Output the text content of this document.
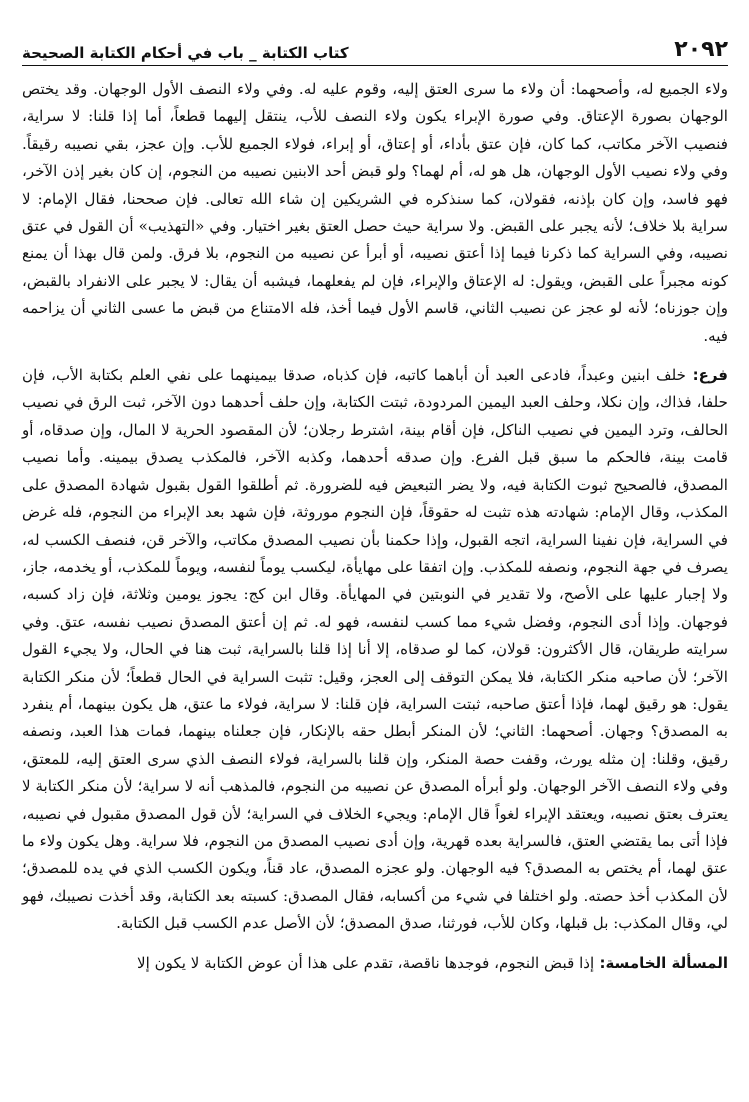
٢٠٩٢
كتاب الكتابة _ باب في أحكام الكتابة الصحيحة

ولاء الجميع له، وأصحهما: أن ولاء ما سرى العتق إليه، وقوم عليه له. وفي ولاء النصف الأول الوجهان. وقد يختص الوجهان بصورة الإعتاق. وفي صورة الإبراء يكون ولاء النصف للأب، ينتقل إليهما قطعاً، أما إذا قلنا: لا سراية، فنصيب الآخر مكاتب، كما كان، فإن عتق بأداء، أو إعتاق، أو إبراء، فولاء الجميع للأب. وإن عجز، بقي نصيبه رقيقاً. وفي ولاء نصيب الأول الوجهان، هل هو له، أم لهما؟ ولو قبض أحد الابنين نصيبه من النجوم، إن كان بغير إذن الآخر، فهو فاسد، وإن كان بإذنه، فقولان، كما سنذكره في الشريكين إن شاء الله تعالى. فإن صححنا، فقال الإمام: لا سراية بلا خلاف؛ لأنه يجبر على القبض. ولا سراية حيث حصل العتق بغير اختيار. وفي «التهذيب» أن القول في عتق نصيبه، وفي السراية كما ذكرنا فيما إذا أعتق نصيبه، أو أبرأ عن نصيبه من النجوم، بلا فرق. ولمن قال بهذا أن يمنع كونه مجبراً على القبض، ويقول: له الإعتاق والإبراء، فإن لم يفعلهما، فيشبه أن يقال: لا يجبر على الانفراد بالقبض، وإن جوزناه؛ لأنه لو عجز عن نصيب الثاني، قاسم الأول فيما أخذ، فله الامتناع من قبض ما عسى الثاني أن يزاحمه فيه.

فرع: خلف ابنين وعبداً، فادعى العبد أن أباهما كاتبه، فإن كذباه، صدقا بيمينهما على نفي العلم بكتابة الأب، فإن حلفا، فذاك، وإن نكلا، وحلف العبد اليمين المردودة، ثبتت الكتابة، وإن حلف أحدهما دون الآخر، ثبت الرق في نصيب الحالف، وترد اليمين في نصيب الناكل، فإن أقام بينة، اشترط رجلان؛ لأن المقصود الحرية لا المال، وإن صدقاه، أو قامت بينة، فالحكم ما سبق قبل الفرع. وإن صدقه أحدهما، وكذبه الآخر، فالمكذب يصدق بيمينه. وأما نصيب المصدق، فالصحيح ثبوت الكتابة فيه، ولا يضر التبعيض فيه للضرورة. ثم أطلقوا القول بقبول شهادة المصدق على المكذب، وقال الإمام: شهادته هذه تثبت له حقوقاً، فإن النجوم موروثة، فإن شهد بعد الإبراء من النجوم، فله غرض في السراية، فإن نفينا السراية، اتجه القبول، وإذا حكمنا بأن نصيب المصدق مكاتب، والآخر قن، فنصف الكسب له، يصرف في جهة النجوم، ونصفه للمكذب. وإن اتفقا على مهايأة، ليكسب يوماً لنفسه، ويوماً للمكذب، أو يخدمه، جاز، ولا إجبار عليها على الأصح، ولا تقدير في النوبتين في المهايأة. وقال ابن كج: يجوز يومين وثلاثة، فإن زاد كسبه، فوجهان. وإذا أدى النجوم، وفضل شيء مما كسب لنفسه، فهو له. ثم إن أعتق المصدق نصيب نفسه، عتق. وفي سرايته طريقان، قال الأكثرون: قولان، كما لو صدقاه، إلا أنا إذا قلنا بالسراية، ثبت هنا في الحال، ولا يجيء القول الآخر؛ لأن صاحبه منكر الكتابة، فلا يمكن التوقف إلى العجز، وقيل: تثبت السراية في الحال قطعاً؛ لأن منكر الكتابة يقول: هو رقيق لهما، فإذا أعتق صاحبه، ثبتت السراية، فإن قلنا: لا سراية، فولاء ما عتق، هل يكون بينهما، أم ينفرد به المصدق؟ وجهان. أصحهما: الثاني؛ لأن المنكر أبطل حقه بالإنكار، فإن جعلناه بينهما، فمات هذا العبد، ونصفه رقيق، وقلنا: إن مثله يورث، وقفت حصة المنكر، وإن قلنا بالسراية، فولاء النصف الذي سرى العتق إليه، للمعتق، وفي ولاء النصف الآخر الوجهان. ولو أبرأه المصدق عن نصيبه من النجوم، فالمذهب أنه لا سراية؛ لأن منكر الكتابة لا يعترف بعتق نصيبه، ويعتقد الإبراء لغواً قال الإمام: ويجيء الخلاف في السراية؛ لأن قول المصدق مقبول في نصيبه، فإذا أتى بما يقتضي العتق، فالسراية بعده قهرية، وإن أدى نصيب المصدق من النجوم، فلا سراية. وهل يكون ولاء ما عتق لهما، أم يختص به المصدق؟ فيه الوجهان. ولو عجزه المصدق، عاد قناً، ويكون الكسب الذي في يده للمصدق؛ لأن المكذب أخذ حصته. ولو اختلفا في شيء من أكسابه، فقال المصدق: كسبته بعد الكتابة، وقد أخذت نصيبك، فهو لي، وقال المكذب: بل قبلها، وكان للأب، فورثنا، صدق المصدق؛ لأن الأصل عدم الكسب قبل الكتابة.

المسألة الخامسة: إذا قبض النجوم، فوجدها ناقصة، تقدم على هذا أن عوض الكتابة لا يكون إلا
